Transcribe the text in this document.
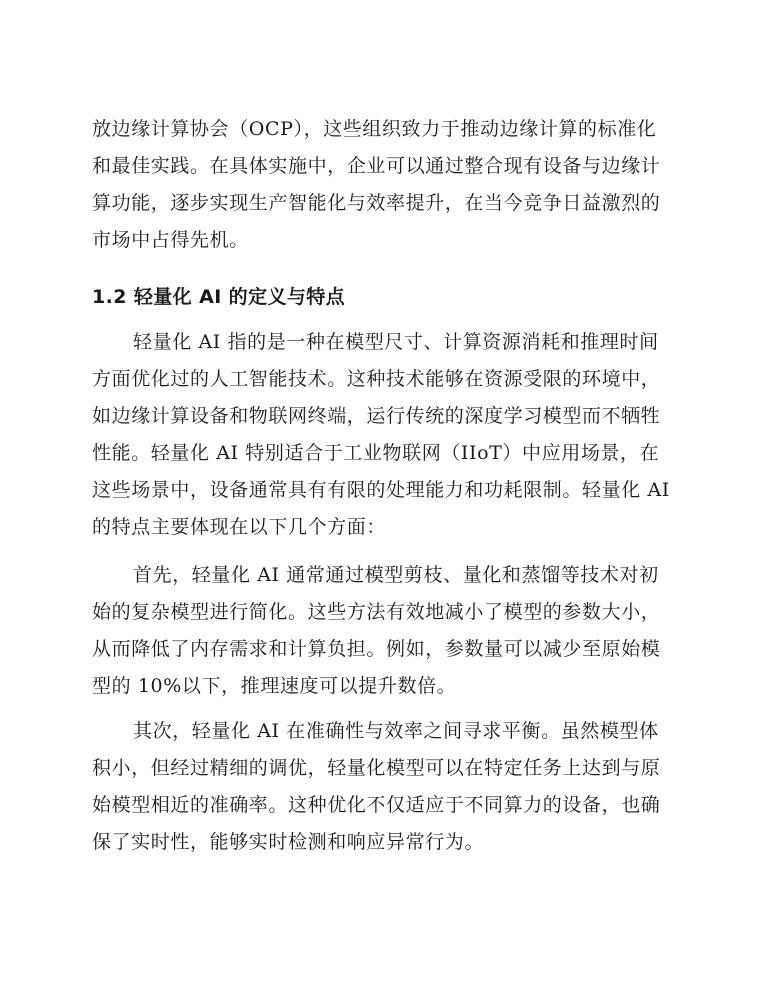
放边缘计算协会（OCP），这些组织致力于推动边缘计算的标准化
和最佳实践。在具体实施中，企业可以通过整合现有设备与边缘计
算功能，逐步实现生产智能化与效率提升，在当今竞争日益激烈的
市场中占得先机。
1.2 轻量化 AI 的定义与特点
轻量化 AI 指的是一种在模型尺寸、计算资源消耗和推理时间
方面优化过的人工智能技术。这种技术能够在资源受限的环境中，
如边缘计算设备和物联网终端，运行传统的深度学习模型而不牺牲
性能。轻量化 AI 特别适合于工业物联网（IIoT）中应用场景，在
这些场景中，设备通常具有有限的处理能力和功耗限制。轻量化 AI
的特点主要体现在以下几个方面：
首先，轻量化 AI 通常通过模型剪枝、量化和蒸馏等技术对初
始的复杂模型进行简化。这些方法有效地减小了模型的参数大小，
从而降低了内存需求和计算负担。例如，参数量可以减少至原始模
型的 10%以下，推理速度可以提升数倍。
其次，轻量化 AI 在准确性与效率之间寻求平衡。虽然模型体
积小，但经过精细的调优，轻量化模型可以在特定任务上达到与原
始模型相近的准确率。这种优化不仅适应于不同算力的设备，也确
保了实时性，能够实时检测和响应异常行为。
